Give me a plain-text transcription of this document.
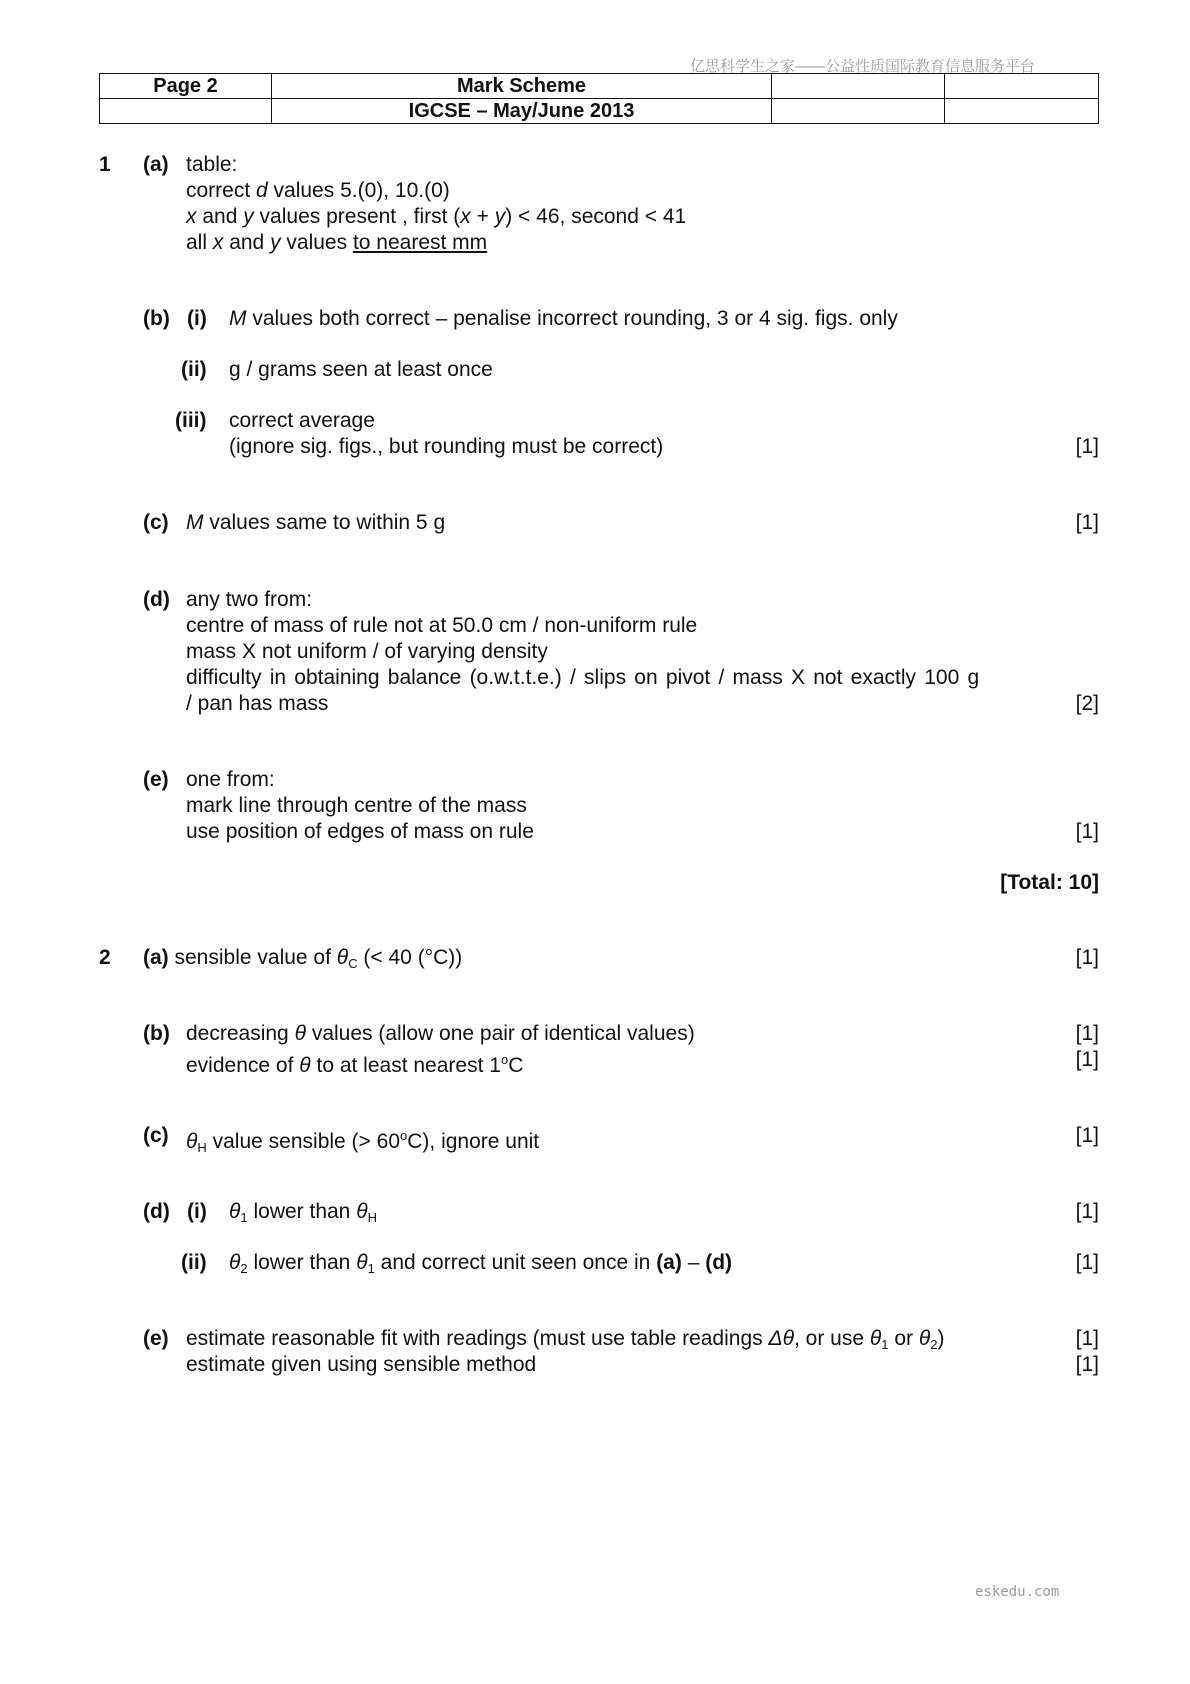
亿思科学生之家——公益性质国际教育信息服务平台
Page 2	Mark Scheme		
	IGCSE – May/June 2013		
1 (a) table:
correct d values 5.(0), 10.(0)
x and y values present , first (x + y) < 46, second < 41
all x and y values to nearest mm
(b) (i) M values both correct – penalise incorrect rounding, 3 or 4 sig. figs. only
(ii) g / grams seen at least once
(iii) correct average
(ignore sig. figs., but rounding must be correct)	[1]
(c) M values same to within 5 g	[1]
(d) any two from:
centre of mass of rule not at 50.0 cm / non-uniform rule
mass X not uniform / of varying density
difficulty in obtaining balance (o.w.t.t.e.) / slips on pivot / mass X not exactly 100 g
/ pan has mass	[2]
(e) one from:
mark line through centre of the mass
use position of edges of mass on rule	[1]
[Total: 10]
2 (a) sensible value of $\theta_C$ (< 40 (°C))	[1]
(b) decreasing θ values (allow one pair of identical values)
evidence of θ to at least nearest 1$^o$C
[1]
[1]
(c) $\theta_H$ value sensible (> $60^oC$), ignore unit	[1]
(d) (i) $\theta_1$ lower than $\theta_H$	[1]
(ii) $\theta_2$ lower than $\theta_1$ and correct unit seen once in (a) – (d)	[1]
(e) estimate reasonable fit with readings (must use table readings Δθ, or use $\theta_1$ or $\theta_2$)
estimate given using sensible method
[1]
[1]
eskedu.com
